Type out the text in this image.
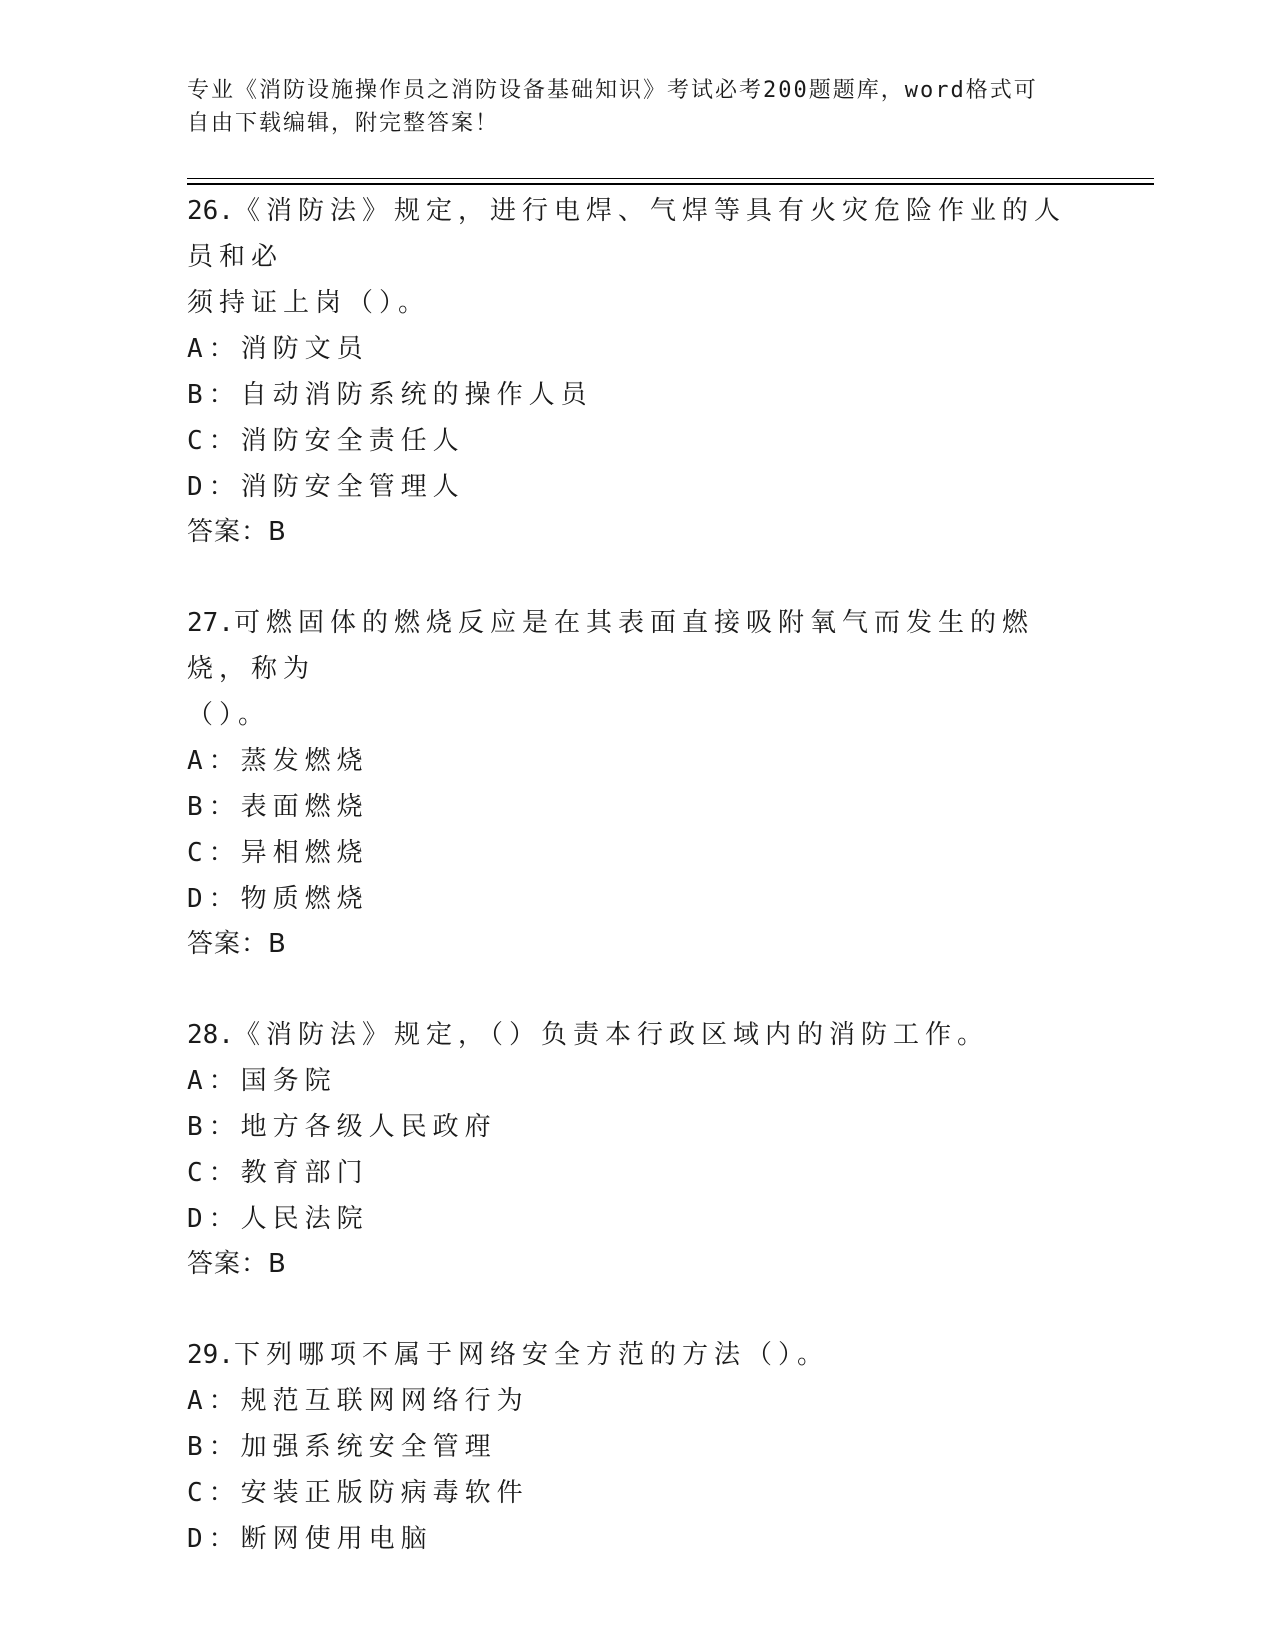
专业《消防设施操作员之消防设备基础知识》考试必考200题题库，word格式可
自由下载编辑，附完整答案！
26.《消防法》规定，进行电焊、气焊等具有火灾危险作业的人员和必
须持证上岗（）。
A：消防文员
B：自动消防系统的操作人员
C：消防安全责任人
D：消防安全管理人
答案：B
27.可燃固体的燃烧反应是在其表面直接吸附氧气而发生的燃烧，称为
（）。
A：蒸发燃烧
B：表面燃烧
C：异相燃烧
D：物质燃烧
答案：B
28.《消防法》规定，（）负责本行政区域内的消防工作。
A：国务院
B：地方各级人民政府
C：教育部门
D：人民法院
答案：B
29.下列哪项不属于网络安全方范的方法（）。
A：规范互联网网络行为
B：加强系统安全管理
C：安装正版防病毒软件
D：断网使用电脑
